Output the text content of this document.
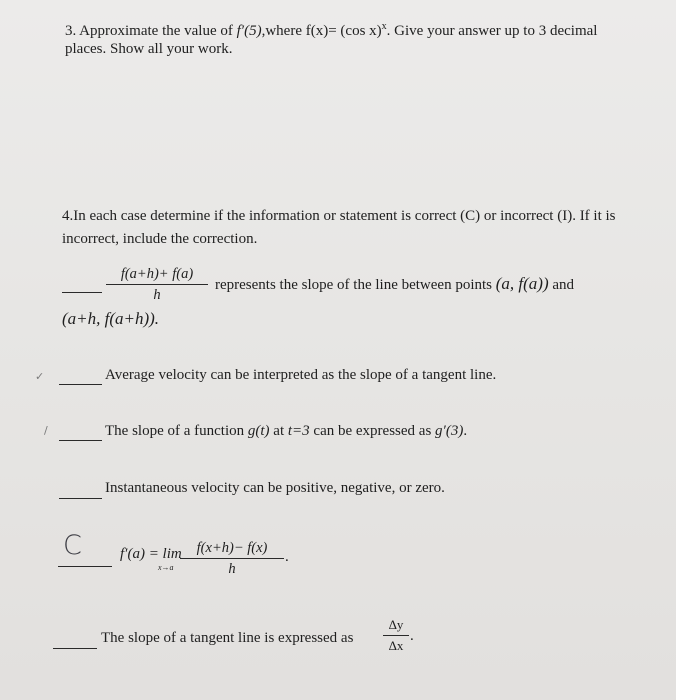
3. Approximate the value of f′(5),where f(x)= (cos x)$^x$. Give your answer up to 3 decimal
places. Show all your work.
4.In each case determine if the information or statement is correct (C) or incorrect (I). If it is
incorrect, include the correction.
f(a+h)+ f(a)
h
represents the slope of the line between points (a, f(a)) and
(a+h, f(a+h)).
✓	Average velocity can be interpreted as the slope of a tangent line.
/	The slope of a function g(t) at t=3 can be expressed as g′(3).
Instantaneous velocity can be positive, negative, or zero.
C	f′(a) = lim
x→a
f(x+h)− f(x)
h
.
The slope of a tangent line is expressed as
Δy
Δx
.
